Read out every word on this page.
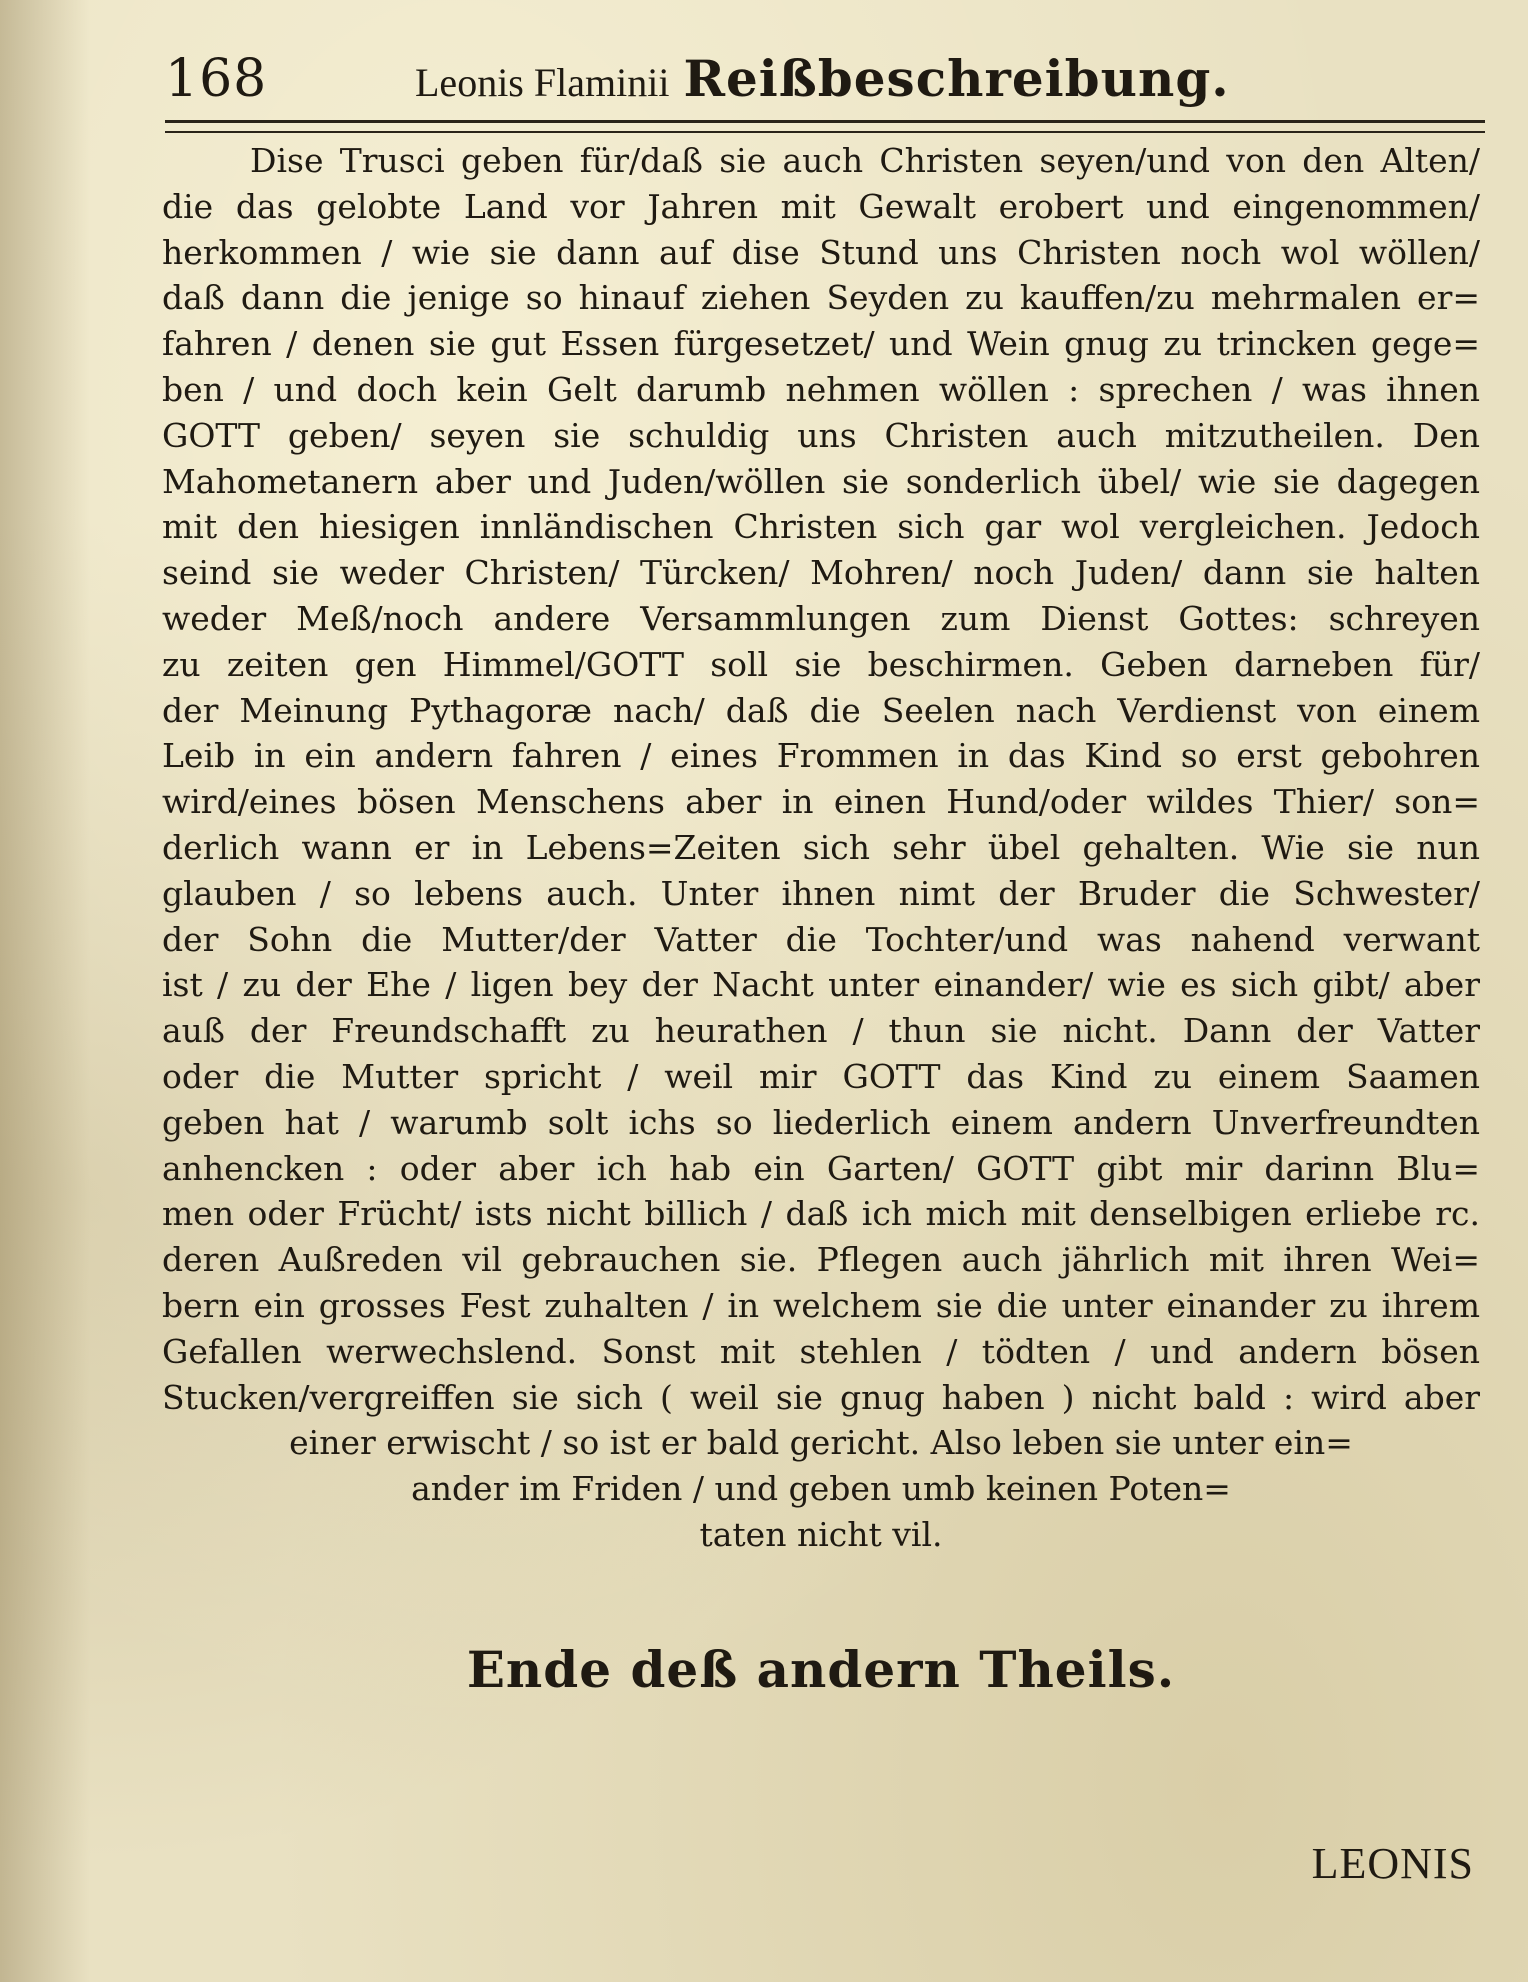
168	Leonis Flaminii Reißbeschreibung.
Dise Trusci geben für/daß sie auch Christen seyen/und von den Alten/
die das gelobte Land vor Jahren mit Gewalt erobert und eingenommen/
herkommen / wie sie dann auf dise Stund uns Christen noch wol wöllen/
daß dann die jenige so hinauf ziehen Seyden zu kauffen/zu mehrmalen er=
fahren / denen sie gut Essen fürgesetzet/ und Wein gnug zu trincken gege=
ben / und doch kein Gelt darumb nehmen wöllen : sprechen / was ihnen
GOTT geben/ seyen sie schuldig uns Christen auch mitzutheilen. Den
Mahometanern aber und Juden/wöllen sie sonderlich übel/ wie sie dagegen
mit den hiesigen innländischen Christen sich gar wol vergleichen. Jedoch
seind sie weder Christen/ Türcken/ Mohren/ noch Juden/ dann sie halten
weder Meß/noch andere Versammlungen zum Dienst Gottes: schreyen
zu zeiten gen Himmel/GOTT soll sie beschirmen. Geben darneben für/
der Meinung Pythagoræ nach/ daß die Seelen nach Verdienst von einem
Leib in ein andern fahren / eines Frommen in das Kind so erst gebohren
wird/eines bösen Menschens aber in einen Hund/oder wildes Thier/ son=
derlich wann er in Lebens=Zeiten sich sehr übel gehalten. Wie sie nun
glauben / so lebens auch. Unter ihnen nimt der Bruder die Schwester/
der Sohn die Mutter/der Vatter die Tochter/und was nahend verwant
ist / zu der Ehe / ligen bey der Nacht unter einander/ wie es sich gibt/ aber
auß der Freundschafft zu heurathen / thun sie nicht. Dann der Vatter
oder die Mutter spricht / weil mir GOTT das Kind zu einem Saamen
geben hat / warumb solt ichs so liederlich einem andern Unverfreundten
anhencken : oder aber ich hab ein Garten/ GOTT gibt mir darinn Blu=
men oder Frücht/ ists nicht billich / daß ich mich mit denselbigen erliebe rc.
deren Außreden vil gebrauchen sie. Pflegen auch jährlich mit ihren Wei=
bern ein grosses Fest zuhalten / in welchem sie die unter einander zu ihrem
Gefallen werwechslend. Sonst mit stehlen / tödten / und andern bösen
Stucken/vergreiffen sie sich ( weil sie gnug haben ) nicht bald : wird aber
einer erwischt / so ist er bald gericht. Also leben sie unter ein=
ander im Friden / und geben umb keinen Poten=
taten nicht vil.
Ende deß andern Theils.
LEONIS
